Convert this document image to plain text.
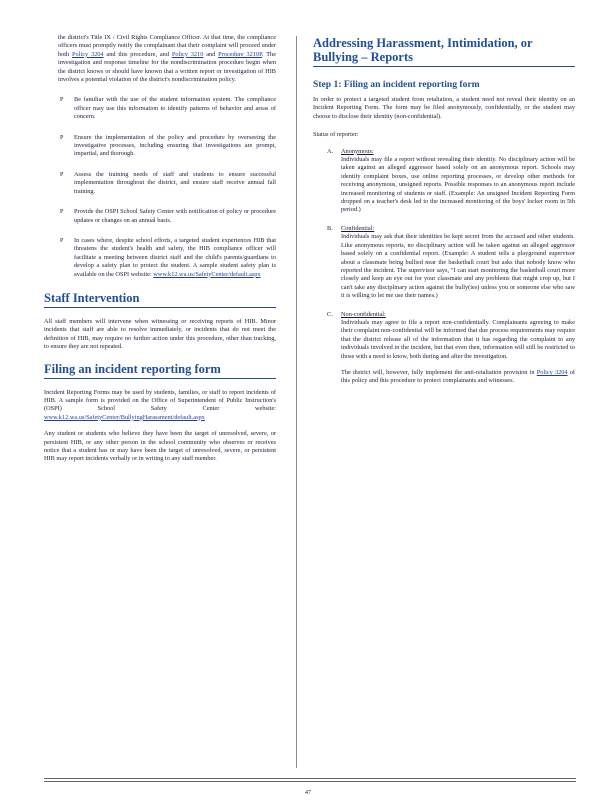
the district's Title IX / Civil Rights Compliance Officer. At that time, the compliance officers must promptly notify the complainant that their complaint will proceed under both Policy 3204 and this procedure, and Policy 3210 and Procedure 3210P. The investigation and response timeline for the nondiscrimination procedure begin when the district knows or should have known that a written report or investigation of HIB involves a potential violation of the district's nondiscrimination policy.

P Be familiar with the use of the student information system. The compliance officer may use this information to identify patterns of behavior and areas of concern.
P Ensure the implementation of the policy and procedure by overseeing the investigative processes, including ensuring that investigations are prompt, impartial, and thorough.
P Assess the training needs of staff and students to ensure successful implementation throughout the district, and ensure staff receive annual fall training.
P Provide the OSPI School Safety Center with notification of policy or procedure updates or changes on an annual basis.
P In cases where, despite school efforts, a targeted student experiences HIB that threatens the student's health and safety, the HIB compliance officer will facilitate a meeting between district staff and the child's parents/guardians to develop a safety plan to protect the student. A sample student safety plan is available on the OSPI website: www.k12.wa.us/SafetyCenter/default.aspx
Staff Intervention

All staff members will intervene when witnessing or receiving reports of HIB. Minor incidents that staff are able to resolve immediately, or incidents that do not meet the definition of HIB, may require no further action under this procedure, other than tracking, to ensure they are not repeated.

Filing an incident reporting form

Incident Reporting Forms may be used by students, families, or staff to report incidents of HIB. A sample form is provided on the Office of Superintendent of Public Instruction's (OSPI) School Safety Center website: www.k12.wa.us/SafetyCenter/BullyingHarassment/default.aspx

Any student or students who believe they have been the target of unresolved, severe, or persistent HIB, or any other person in the school community who observes or receives notice that a student has or may have been the target of unresolved, severe, or persistent HIB may report incidents verbally or in writing to any staff member.

Addressing Harassment, Intimidation, or Bullying – Reports
Step 1: Filing an incident reporting form

In order to protect a targeted student from retaliation, a student need not reveal their identity on an Incident Reporting Form. The form may be filed anonymously, confidentially, or the student may choose to disclose their identity (non-confidential).

Status of reporter:

A. Anonymous:
Individuals may file a report without revealing their identity. No disciplinary action will be taken against an alleged aggressor based solely on an anonymous report. Schools may identify complaint boxes, use online reporting processes, or develop other methods for receiving anonymous, unsigned reports. Possible responses to an anonymous report include increased monitoring of students or staff. (Example: An unsigned Incident Reporting Form dropped on a teacher's desk led to the increased monitoring of the boys' locker room in 5th period.)
B. Confidential:
Individuals may ask that their identities be kept secret from the accused and other students. Like anonymous reports, no disciplinary action will be taken against an alleged aggressor based solely on a confidential report. (Example: A student tells a playground supervisor about a classmate being bullied near the basketball court but asks that nobody know who reported the incident. The supervisor says, "I can start monitoring the basketball court more closely and keep an eye out for your classmate and any problems that might crop up, but I can't take any disciplinary action against the bully(ies) unless you or someone else who saw it is willing to let me use their names.)
C. Non-confidential:
Individuals may agree to file a report non-confidentially. Complainants agreeing to make their complaint non-confidential will be informed that due process requirements may require that the district release all of the information that it has regarding the complaint to any individuals involved in the incident, but that even then, information will still be restricted to those with a need to know, both during and after the investigation.

The district will, however, fully implement the anti-retaliation provision in Policy 3204 of this policy and this procedure to protect complainants and witnesses.

47
